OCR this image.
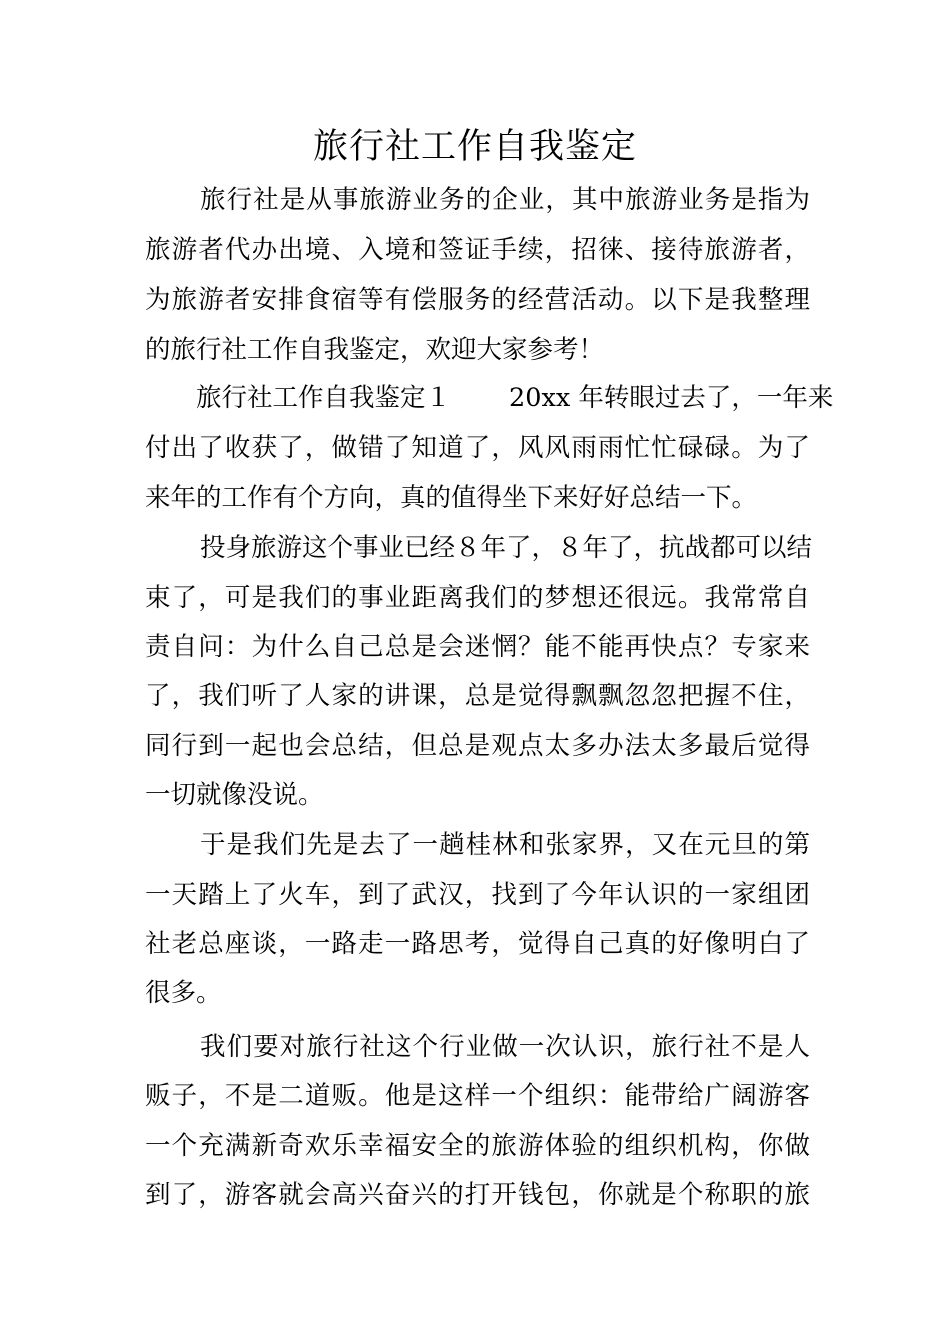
旅行社工作自我鉴定
旅行社是从事旅游业务的企业，其中旅游业务是指为
旅游者代办出境、入境和签证手续，招徕、接待旅游者，
为旅游者安排食宿等有偿服务的经营活动。以下是我整理
的旅行社工作自我鉴定，欢迎大家参考！
旅行社工作自我鉴定１ 20xx 年转眼过去了，一年来
付出了收获了，做错了知道了，风风雨雨忙忙碌碌。为了
来年的工作有个方向，真的值得坐下来好好总结一下。
投身旅游这个事业已经８年了，８年了，抗战都可以结
束了，可是我们的事业距离我们的梦想还很远。我常常自
责自问：为什么自己总是会迷惘？能不能再快点？专家来
了，我们听了人家的讲课，总是觉得飘飘忽忽把握不住，
同行到一起也会总结，但总是观点太多办法太多最后觉得
一切就像没说。
于是我们先是去了一趟桂林和张家界，又在元旦的第
一天踏上了火车，到了武汉，找到了今年认识的一家组团
社老总座谈，一路走一路思考，觉得自己真的好像明白了
很多。
我们要对旅行社这个行业做一次认识，旅行社不是人
贩子，不是二道贩。他是这样一个组织：能带给广阔游客
一个充满新奇欢乐幸福安全的旅游体验的组织机构，你做
到了，游客就会高兴奋兴的打开钱包，你就是个称职的旅
